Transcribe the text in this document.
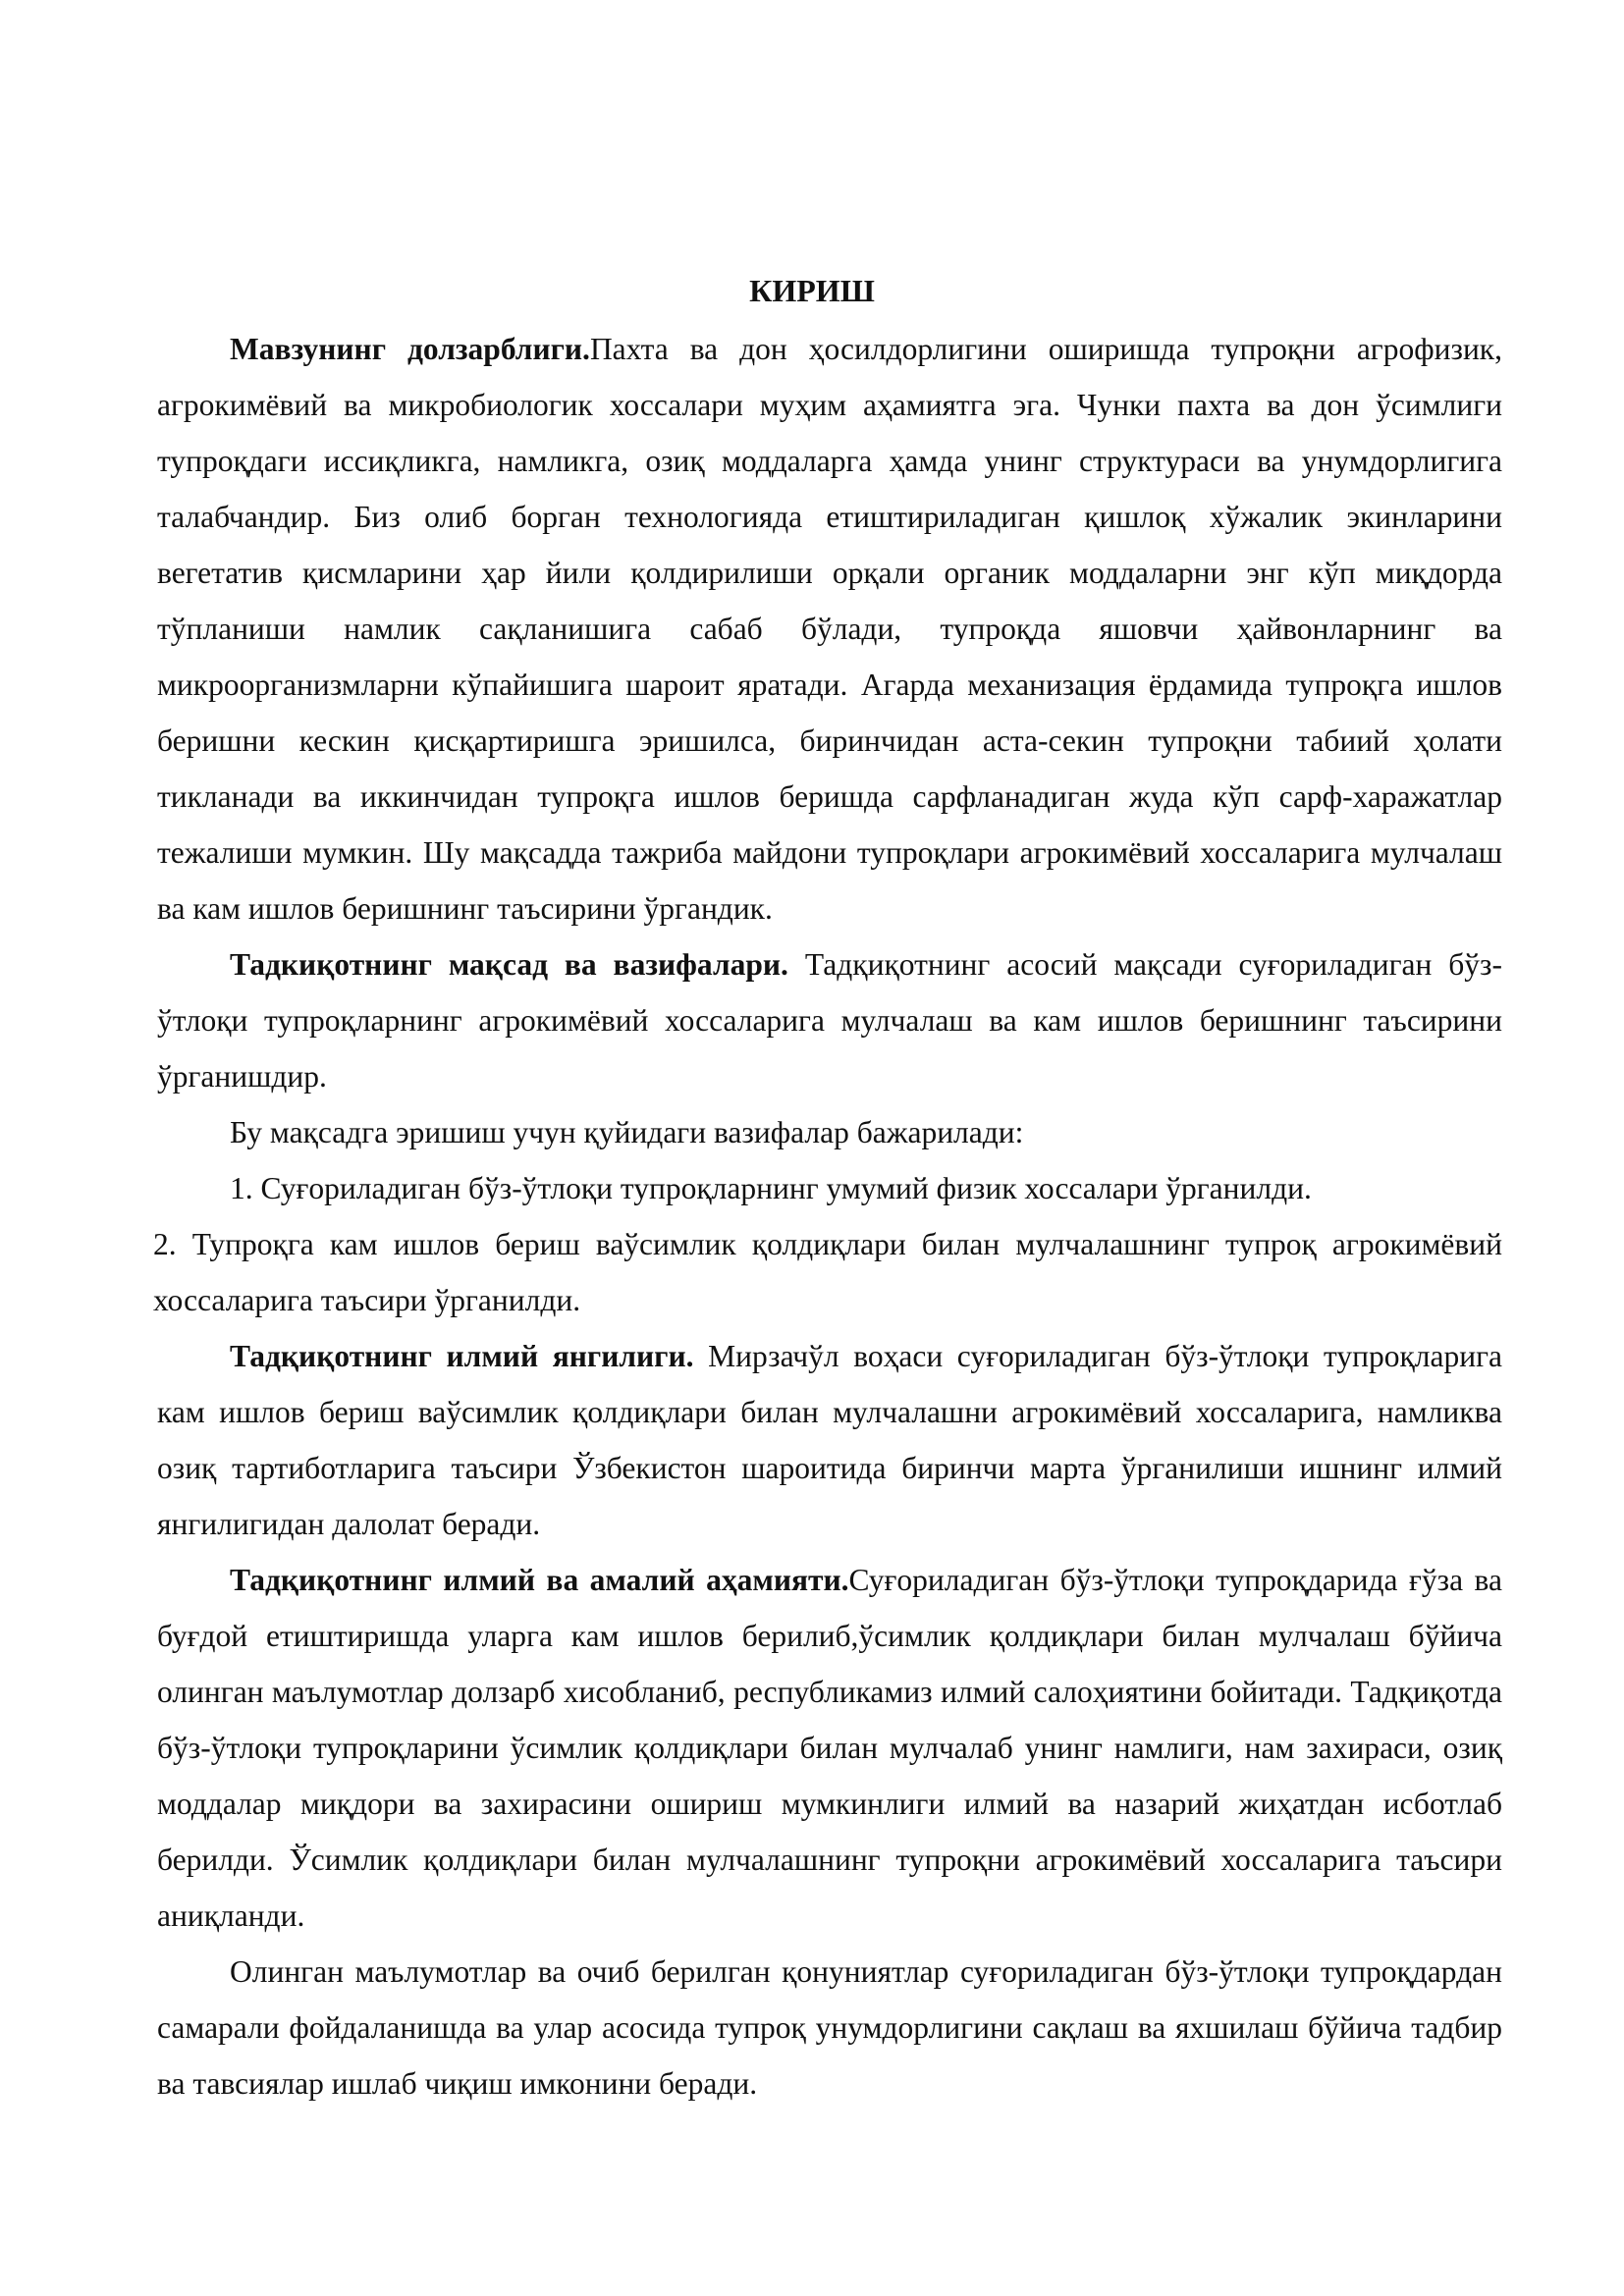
КИРИШ

Мавзунинг долзарблиги.Пахта ва дон ҳосилдорлигини оширишда тупроқни агрофизик, агрокимёвий ва микробиологик хоссалари муҳим аҳамиятга эга. Чунки пахта ва дон ўсимлиги тупроқдаги иссиқликга, намликга, озиқ моддаларга ҳамда унинг структураси ва унумдорлигига талабчандир. Биз олиб борган технологияда етиштириладиган қишлоқ хўжалик экинларини вегетатив қисмларини ҳар йили қолдирилиши орқали органик моддаларни энг кўп миқдорда тўпланиши намлик сақланишига сабаб бўлади, тупроқда яшовчи ҳайвонларнинг ва микроорганизмларни кўпайишига шароит яратади. Агарда механизация ёрдамида тупроқга ишлов беришни кескин қисқартиришга эришилса, биринчидан аста-секин тупроқни табиий ҳолати тикланади ва иккинчидан тупроқга ишлов беришда сарфланадиган жуда кўп сарф-харажатлар тежалиши мумкин. Шу мақсадда тажриба майдони тупроқлари агрокимёвий хоссаларига мулчалаш ва кам ишлов беришнинг таъсирини ўргандик.

Тадкиқотнинг мақсад ва вазифалари. Тадқиқотнинг асосий мақсади суғориладиган бўз-ўтлоқи тупроқларнинг агрокимёвий хоссаларига мулчалаш ва кам ишлов беришнинг таъсирини ўрганишдир.

Бу мақсадга эришиш учун қуйидаги вазифалар бажарилади:

1. Суғориладиган бўз-ўтлоқи тупроқларнинг умумий физик хоссалари ўрганилди.

2. Тупроқга кам ишлов бериш ваўсимлик қолдиқлари билан мулчалашнинг тупроқ агрокимёвий хоссаларига таъсири ўрганилди.

Тадқиқотнинг илмий янгилиги. Мирзачўл воҳаси суғориладиган бўз-ўтлоқи тупроқларига кам ишлов бериш ваўсимлик қолдиқлари билан мулчалашни агрокимёвий хоссаларига, намликва озиқ тартиботларига таъсири Ўзбекистон шароитида биринчи марта ўрганилиши ишнинг илмий янгилигидан далолат беради.

Тадқиқотнинг илмий ва амалий аҳамияти.Суғориладиган бўз-ўтлоқи тупроқдарида ғўза ва буғдой етиштиришда уларга кам ишлов берилиб,ўсимлик қолдиқлари билан мулчалаш бўйича олинган маълумотлар долзарб хисобланиб, республикамиз илмий салоҳиятини бойитади. Тадқиқотда бўз-ўтлоқи тупроқларини ўсимлик қолдиқлари билан мулчалаб унинг намлиги, нам захираси, озиқ моддалар миқдори ва захирасини ошириш мумкинлиги илмий ва назарий жиҳатдан исботлаб берилди. Ўсимлик қолдиқлари билан мулчалашнинг тупроқни агрокимёвий хоссаларига таъсири аниқланди.

Олинган маълумотлар ва очиб берилган қонуниятлар суғориладиган бўз-ўтлоқи тупроқдардан самарали фойдаланишда ва улар асосида тупроқ унумдорлигини сақлаш ва яхшилаш бўйича тадбир ва тавсиялар ишлаб чиқиш имконини беради.
